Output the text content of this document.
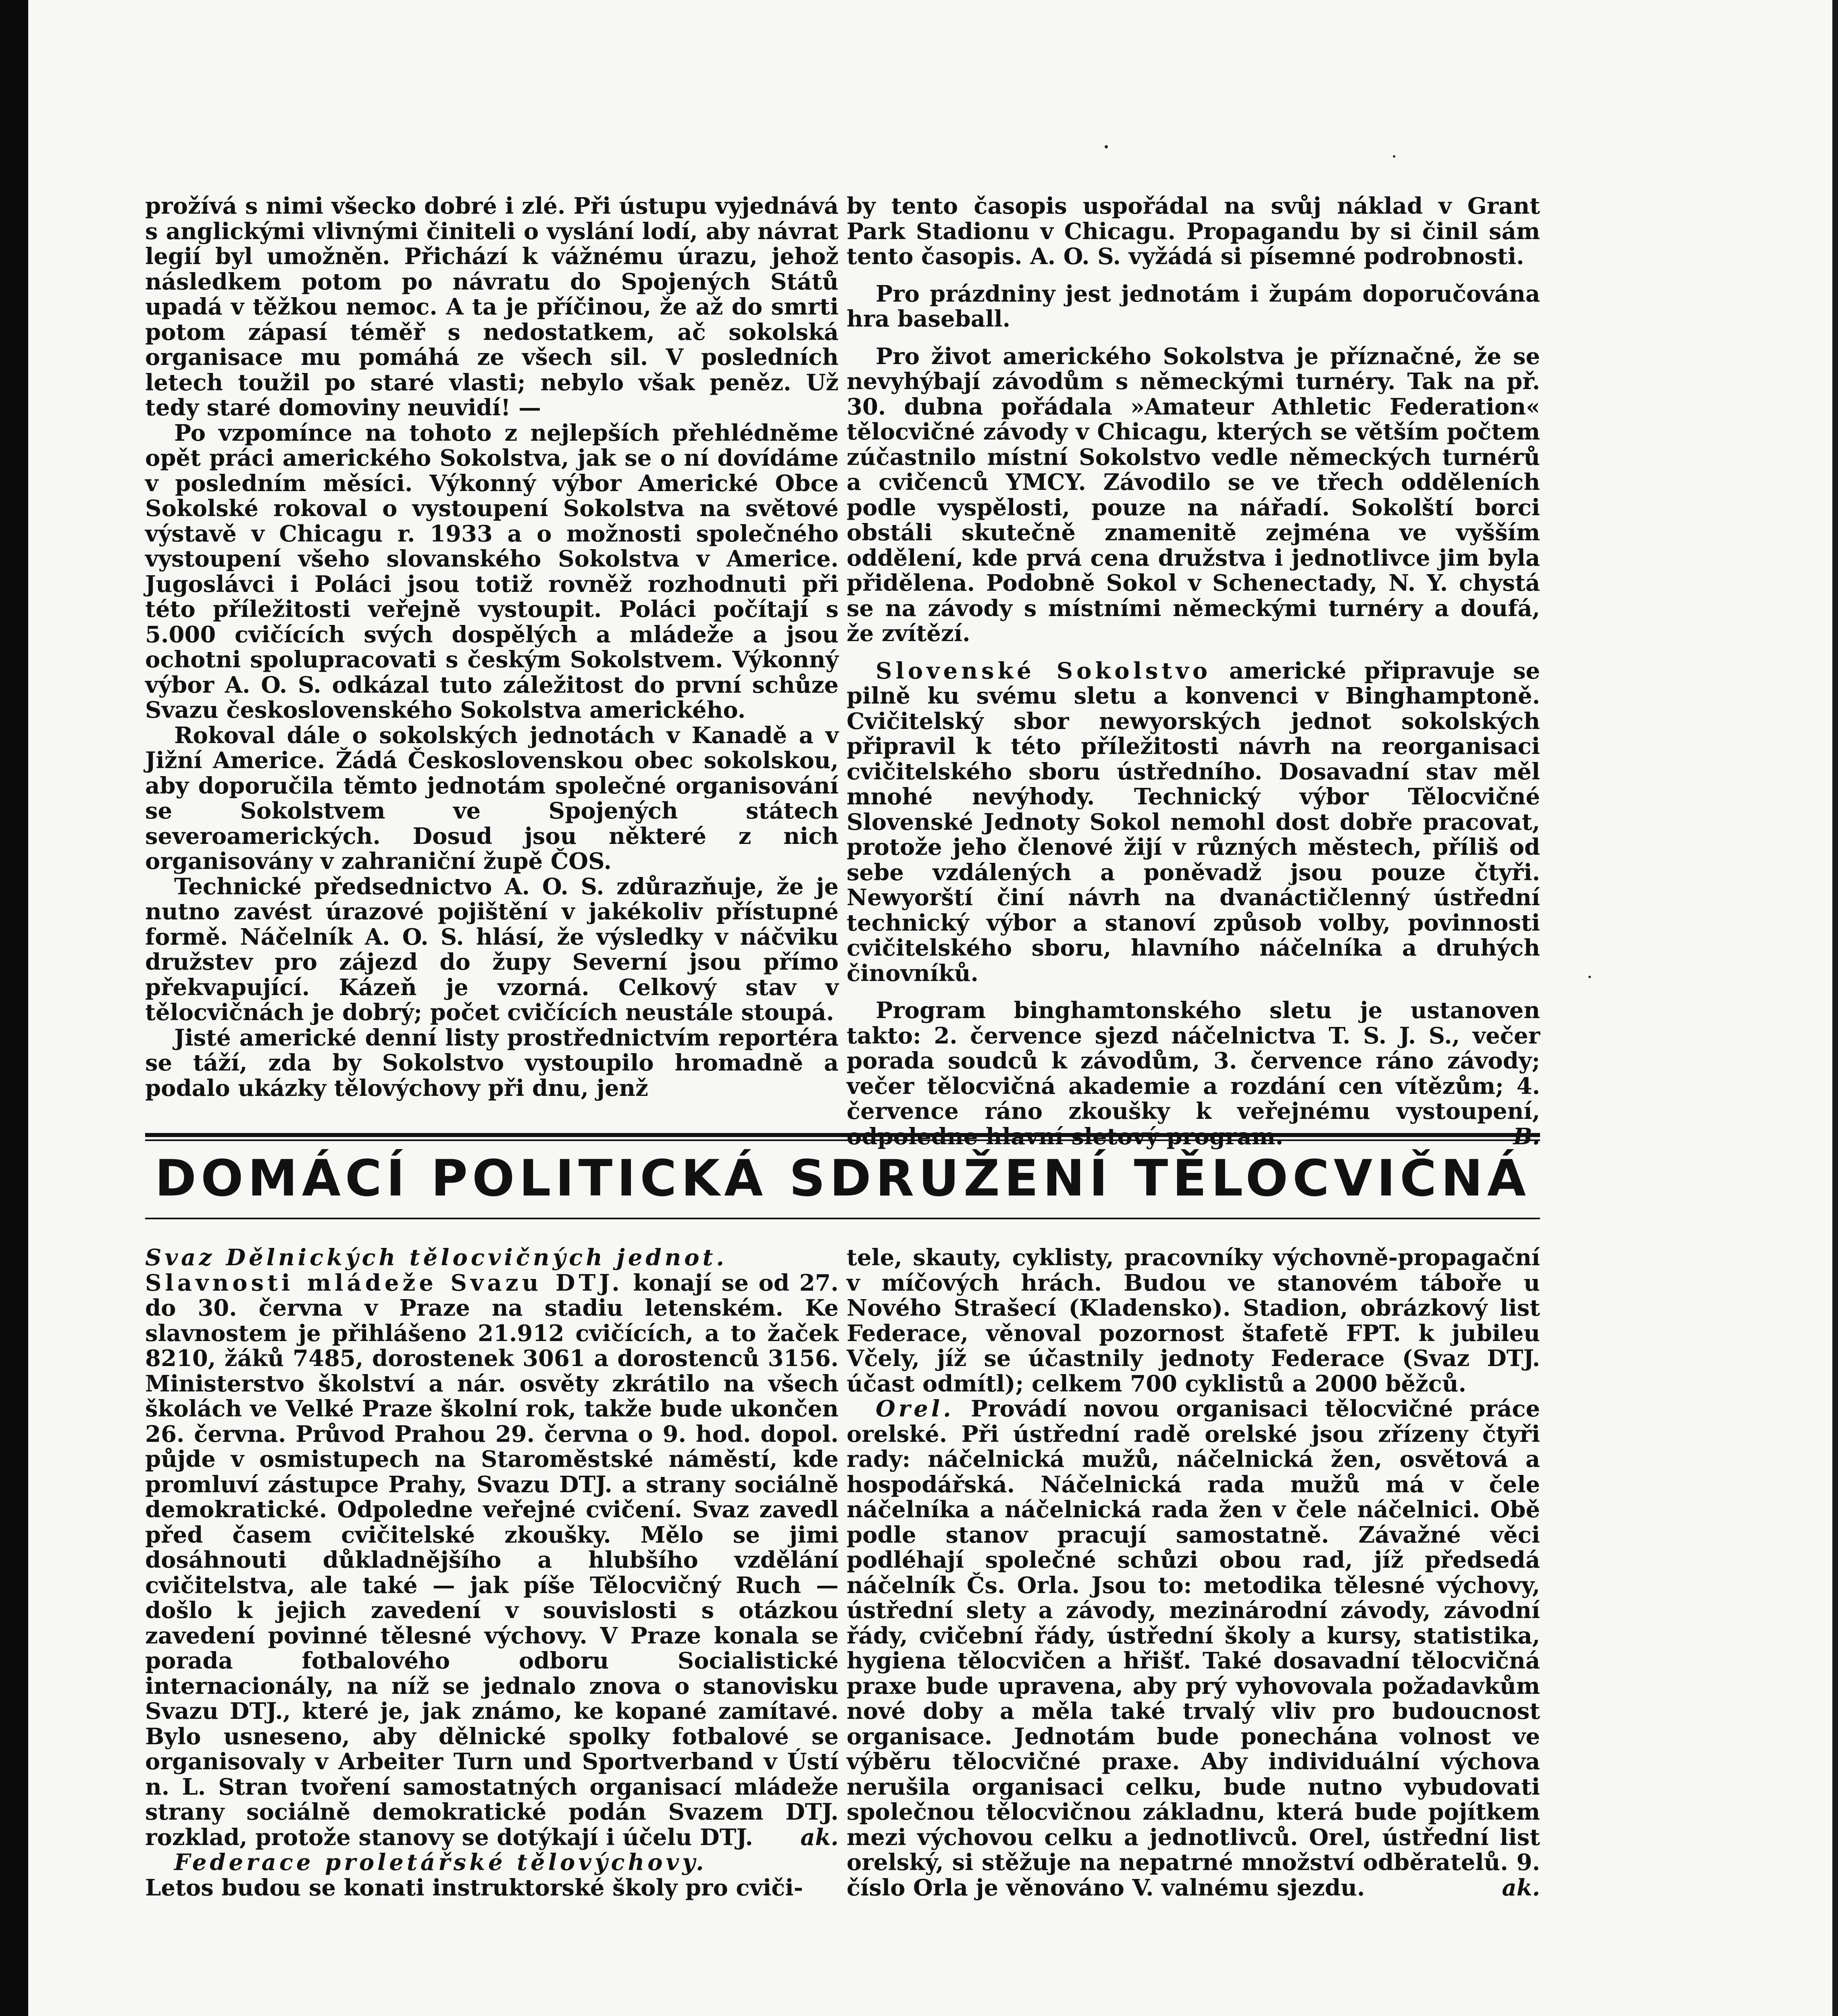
prožívá s nimi všecko dobré i zlé. Při ústupu vyjednává s anglickými vlivnými činiteli o vyslání lodí, aby návrat legií byl umožněn. Přichází k vážnému úrazu, jehož následkem potom po návratu do Spojených Států upadá v těžkou nemoc. A ta je příčinou, že až do smrti potom zápasí téměř s nedostatkem, ač sokolská organisace mu pomáhá ze všech sil. V posledních letech toužil po staré vlasti; nebylo však peněz. Už tedy staré domoviny neuvidí! —

Po vzpomínce na tohoto z nejlepších přehlédněme opět práci amerického Sokolstva, jak se o ní dovídáme v posledním měsíci. Výkonný výbor Americké Obce Sokolské rokoval o vystoupení Sokolstva na světové výstavě v Chicagu r. 1933 a o možnosti společného vystoupení všeho slovanského Sokolstva v Americe. Jugoslávci i Poláci jsou totiž rovněž rozhodnuti při této příležitosti veřejně vystoupit. Poláci počítají s 5.000 cvičících svých dospělých a mládeže a jsou ochotni spolupracovati s českým Sokolstvem. Výkonný výbor A. O. S. odkázal tuto záležitost do první schůze Svazu československého Sokolstva amerického.

Rokoval dále o sokolských jednotách v Kanadě a v Jižní Americe. Žádá Československou obec sokolskou, aby doporučila těmto jednotám společné organisování se Sokolstvem ve Spojených státech severoamerických. Dosud jsou některé z nich organisovány v zahraniční župě ČOS.

Technické předsednictvo A. O. S. zdůrazňuje, že je nutno zavést úrazové pojištění v jakékoliv přístupné formě. Náčelník A. O. S. hlásí, že výsledky v náčviku družstev pro zájezd do župy Severní jsou přímo překvapující. Kázeň je vzorná. Celkový stav v tělocvičnách je dobrý; počet cvičících neustále stoupá.

Jisté americké denní listy prostřednictvím reportéra se táží, zda by Sokolstvo vystoupilo hromadně a podalo ukázky tělovýchovy při dnu, jenž

by tento časopis uspořádal na svůj náklad v Grant Park Stadionu v Chicagu. Propagandu by si činil sám tento časopis. A. O. S. vyžádá si písemné podrobnosti.

Pro prázdniny jest jednotám i župám doporučována hra baseball.

Pro život amerického Sokolstva je příznačné, že se nevyhýbají závodům s německými turnéry. Tak na př. 30. dubna pořádala »Amateur Athletic Federation« tělocvičné závody v Chicagu, kterých se větším počtem zúčastnilo místní Sokolstvo vedle německých turnérů a cvičenců YMCY. Závodilo se ve třech odděleních podle vyspělosti, pouze na nářadí. Sokolští borci obstáli skutečně znamenitě zejména ve vyšším oddělení, kde prvá cena družstva i jednotlivce jim byla přidělena. Podobně Sokol v Schenectady, N. Y. chystá se na závody s místními německými turnéry a doufá, že zvítězí.

Slovenské Sokolstvo americké připravuje se pilně ku svému sletu a konvenci v Binghamptoně. Cvičitelský sbor newyorských jednot sokolských připravil k této příležitosti návrh na reorganisaci cvičitelského sboru ústředního. Dosavadní stav měl mnohé nevýhody. Technický výbor Tělocvičné Slovenské Jednoty Sokol nemohl dost dobře pracovat, protože jeho členové žijí v různých městech, příliš od sebe vzdálených a poněvadž jsou pouze čtyři. Newyorští činí návrh na dvanáctičlenný ústřední technický výbor a stanoví způsob volby, povinnosti cvičitelského sboru, hlavního náčelníka a druhých činovníků.

Program binghamtonského sletu je ustanoven takto: 2. července sjezd náčelnictva T. S. J. S., večer porada soudců k závodům, 3. července ráno závody; večer tělocvičná akademie a rozdání cen vítězům; 4. července ráno zkoušky k veřejnému vystoupení,

DOMÁCÍ POLITICKÁ SDRUŽENÍ TĚLOCVIČNÁ

Svaz Dělnických tělocvičných jednot.

Slavnosti mládeže Svazu DTJ. konají se od 27. do 30. června v Praze na stadiu letenském. Ke slavnostem je přihlášeno 21.912 cvičících, a to žaček 8210, žáků 7485, dorostenek 3061 a dorostenců 3156. Ministerstvo školství a nár. osvěty zkrátilo na všech školách ve Velké Praze školní rok, takže bude ukončen 26. června. Průvod Prahou 29. června o 9. hod. dopol. půjde v osmistupech na Staroměstské náměstí, kde promluví zástupce Prahy, Svazu DTJ. a strany sociálně demokratické. Odpoledne veřejné cvičení. Svaz zavedl před časem cvičitelské zkoušky. Mělo se jimi dosáhnouti důkladnějšího a hlubšího vzdělání cvičitelstva, ale také — jak píše Tělocvičný Ruch — došlo k jejich zavedení v souvislosti s otázkou zavedení povinné tělesné výchovy. V Praze konala se porada fotbalového odboru Socialistické internacionály, na níž se jednalo znova o stanovisku Svazu DTJ., které je, jak známo, ke kopané zamítavé. Bylo usneseno, aby dělnické spolky fotbalové se organisovaly v Arbeiter Turn und Sportverband v Ústí n. L. Stran tvoření samostatných organisací mládeže strany sociálně demokratické podán Svazem DTJ. rozklad, protože stanovy se dotýkají i účelu DTJ. ak.

Federace proletářské tělovýchovy.

Letos budou se konati instruktorské školy pro cviči-

tele, skauty, cyklisty, pracovníky výchovně-propagační v míčových hrách. Budou ve stanovém táboře u Nového Strašecí (Kladensko). Stadion, obrázkový list Federace, věnoval pozornost štafetě FPT. k jubileu Včely, jíž se účastnily jednoty Federace (Svaz DTJ. účast odmítl); celkem 700 cyklistů a 2000 běžců.

Orel. Provádí novou organisaci tělocvičné práce orelské. Při ústřední radě orelské jsou zřízeny čtyři rady: náčelnická mužů, náčelnická žen, osvětová a hospodářská. Náčelnická rada mužů má v čele náčelníka a náčelnická rada žen v čele náčelnici. Obě podle stanov pracují samostatně. Závažné věci podléhají společné schůzi obou rad, jíž předsedá náčelník Čs. Orla. Jsou to: metodika tělesné výchovy, ústřední slety a závody, mezinárodní závody, závodní řády, cvičební řády, ústřední školy a kursy, statistika, hygiena tělocvičen a hřišť. Také dosavadní tělocvičná praxe bude upravena, aby prý vyhovovala požadavkům nové doby a měla také trvalý vliv pro budoucnost organisace. Jednotám bude ponechána volnost ve výběru tělocvičné praxe. Aby individuální výchova nerušila organisaci celku, bude nutno vybudovati společnou tělocvičnou základnu, která bude pojítkem mezi výchovou celku a jednotlivců. Orel, ústřední list orelský, si stěžuje na nepatrné množství odběratelů. 9. číslo Orla je věnováno V. valnému sjezdu.	ak.
